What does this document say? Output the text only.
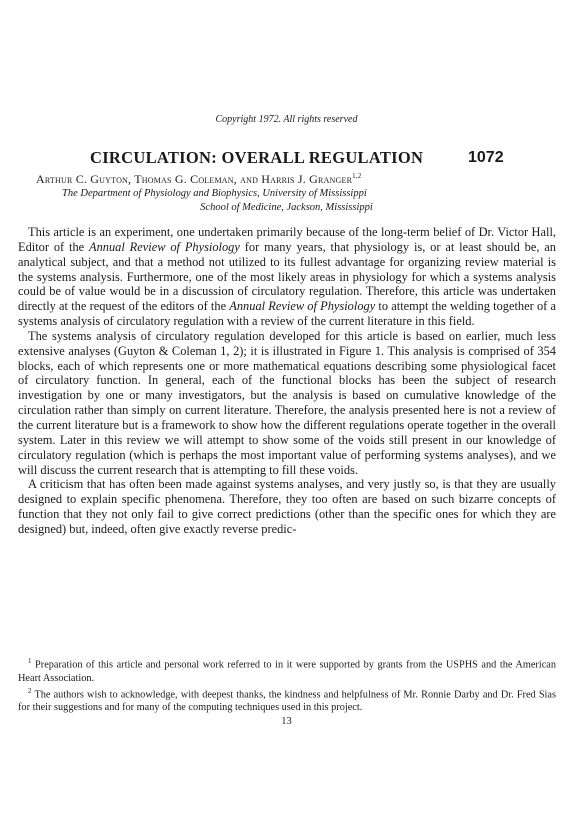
Copyright 1972. All rights reserved
CIRCULATION: OVERALL REGULATION	1072
Arthur C. Guyton, Thomas G. Coleman, and Harris J. Granger$^{1,2}$
The Department of Physiology and Biophysics, University of Mississippi
School of Medicine, Jackson, Mississippi

This article is an experiment, one undertaken primarily because of the long-term belief of Dr. Victor Hall, Editor of the Annual Review of Physiology for many years, that physiology is, or at least should be, an analytical subject, and that a method not utilized to its fullest advantage for organizing review material is the systems analysis. Furthermore, one of the most likely areas in physiology for which a systems analysis could be of value would be in a discussion of circulatory regulation. Therefore, this article was undertaken directly at the request of the editors of the Annual Review of Physiology to attempt the welding together of a systems analysis of circulatory regulation with a review of the current literature in this field.

The systems analysis of circulatory regulation developed for this article is based on earlier, much less extensive analyses (Guyton & Coleman 1, 2); it is illustrated in Figure 1. This analysis is comprised of 354 blocks, each of which represents one or more mathematical equations describing some physiological facet of circulatory function. In general, each of the functional blocks has been the subject of research investigation by one or many investigators, but the analysis is based on cumulative knowledge of the circulation rather than simply on current literature. Therefore, the analysis presented here is not a review of the current literature but is a framework to show how the different regulations operate together in the overall system. Later in this review we will attempt to show some of the voids still present in our knowledge of circulatory regulation (which is perhaps the most important value of performing systems analyses), and we will discuss the current research that is attempting to fill these voids.

A criticism that has often been made against systems analyses, and very justly so, is that they are usually designed to explain specific phenomena. Therefore, they too often are based on such bizarre concepts of function that they not only fail to give correct predictions (other than the specific ones for which they are designed) but, indeed, often give exactly reverse predic-

$^1$ Preparation of this article and personal work referred to in it were supported by grants from the USPHS and the American Heart Association.

$^2$ The authors wish to acknowledge, with deepest thanks, the kindness and helpfulness of Mr. Ronnie Darby and Dr. Fred Sias for their suggestions and for many of the computing techniques used in this project.

13
